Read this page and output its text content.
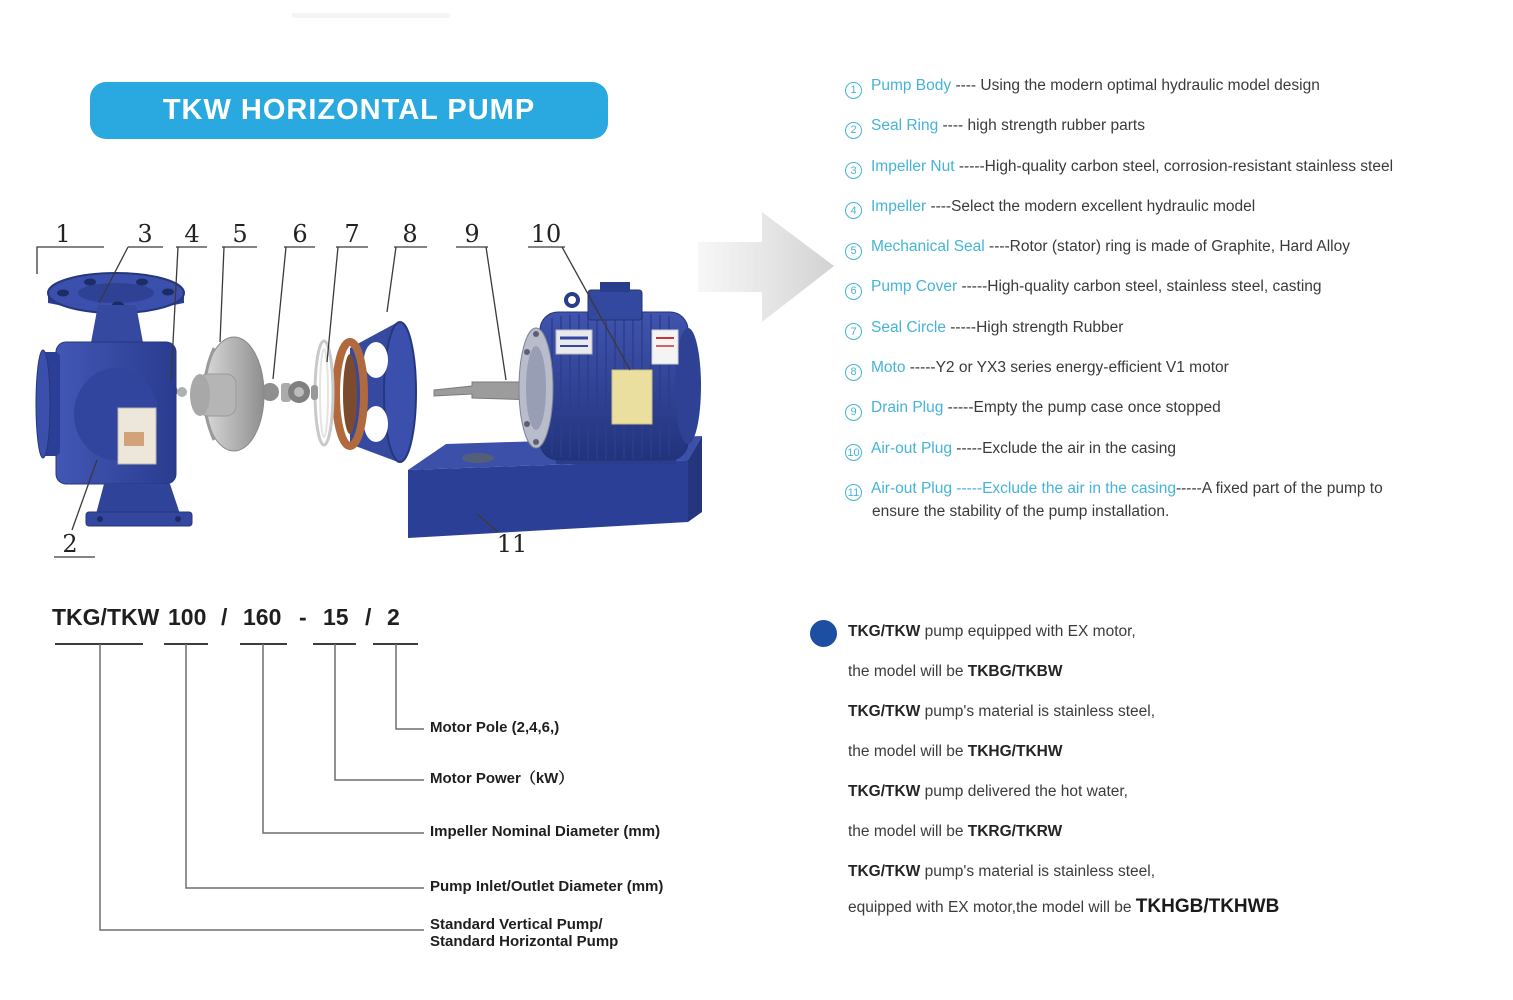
TKW HORIZONTAL PUMP
1	3 4 5 6 7 8 9 10
2	11
1 Pump Body ---- Using the modern optimal hydraulic model design
2 Seal Ring ---- high strength rubber parts
3 Impeller Nut -----High-quality carbon steel, corrosion-resistant stainless steel
4 Impeller ----Select the modern excellent hydraulic model
5 Mechanical Seal ----Rotor (stator) ring is made of Graphite, Hard Alloy
6 Pump Cover -----High-quality carbon steel, stainless steel, casting
7 Seal Circle -----High strength Rubber
8 Moto -----Y2 or YX3 series energy-efficient V1 motor
9 Drain Plug -----Empty the pump case once stopped
10 Air-out Plug -----Exclude the air in the casing
11 Air-out Plug -----Exclude the air in the casing-----A fixed part of the pump to
ensure the stability of the pump installation.
TKG/TKW 100 / 160 - 15 / 2
Motor Pole (2,4,6,)
Motor Power（kW）
Impeller Nominal Diameter (mm)
Pump Inlet/Outlet Diameter (mm)
Standard Vertical Pump/
Standard Horizontal Pump
TKG/TKW pump equipped with EX motor,
the model will be TKBG/TKBW
TKG/TKW pump's material is stainless steel,
the model will be TKHG/TKHW
TKG/TKW pump delivered the hot water,
the model will be TKRG/TKRW
TKG/TKW pump's material is stainless steel,
equipped with EX motor,the model will be TKHGB/TKHWB
